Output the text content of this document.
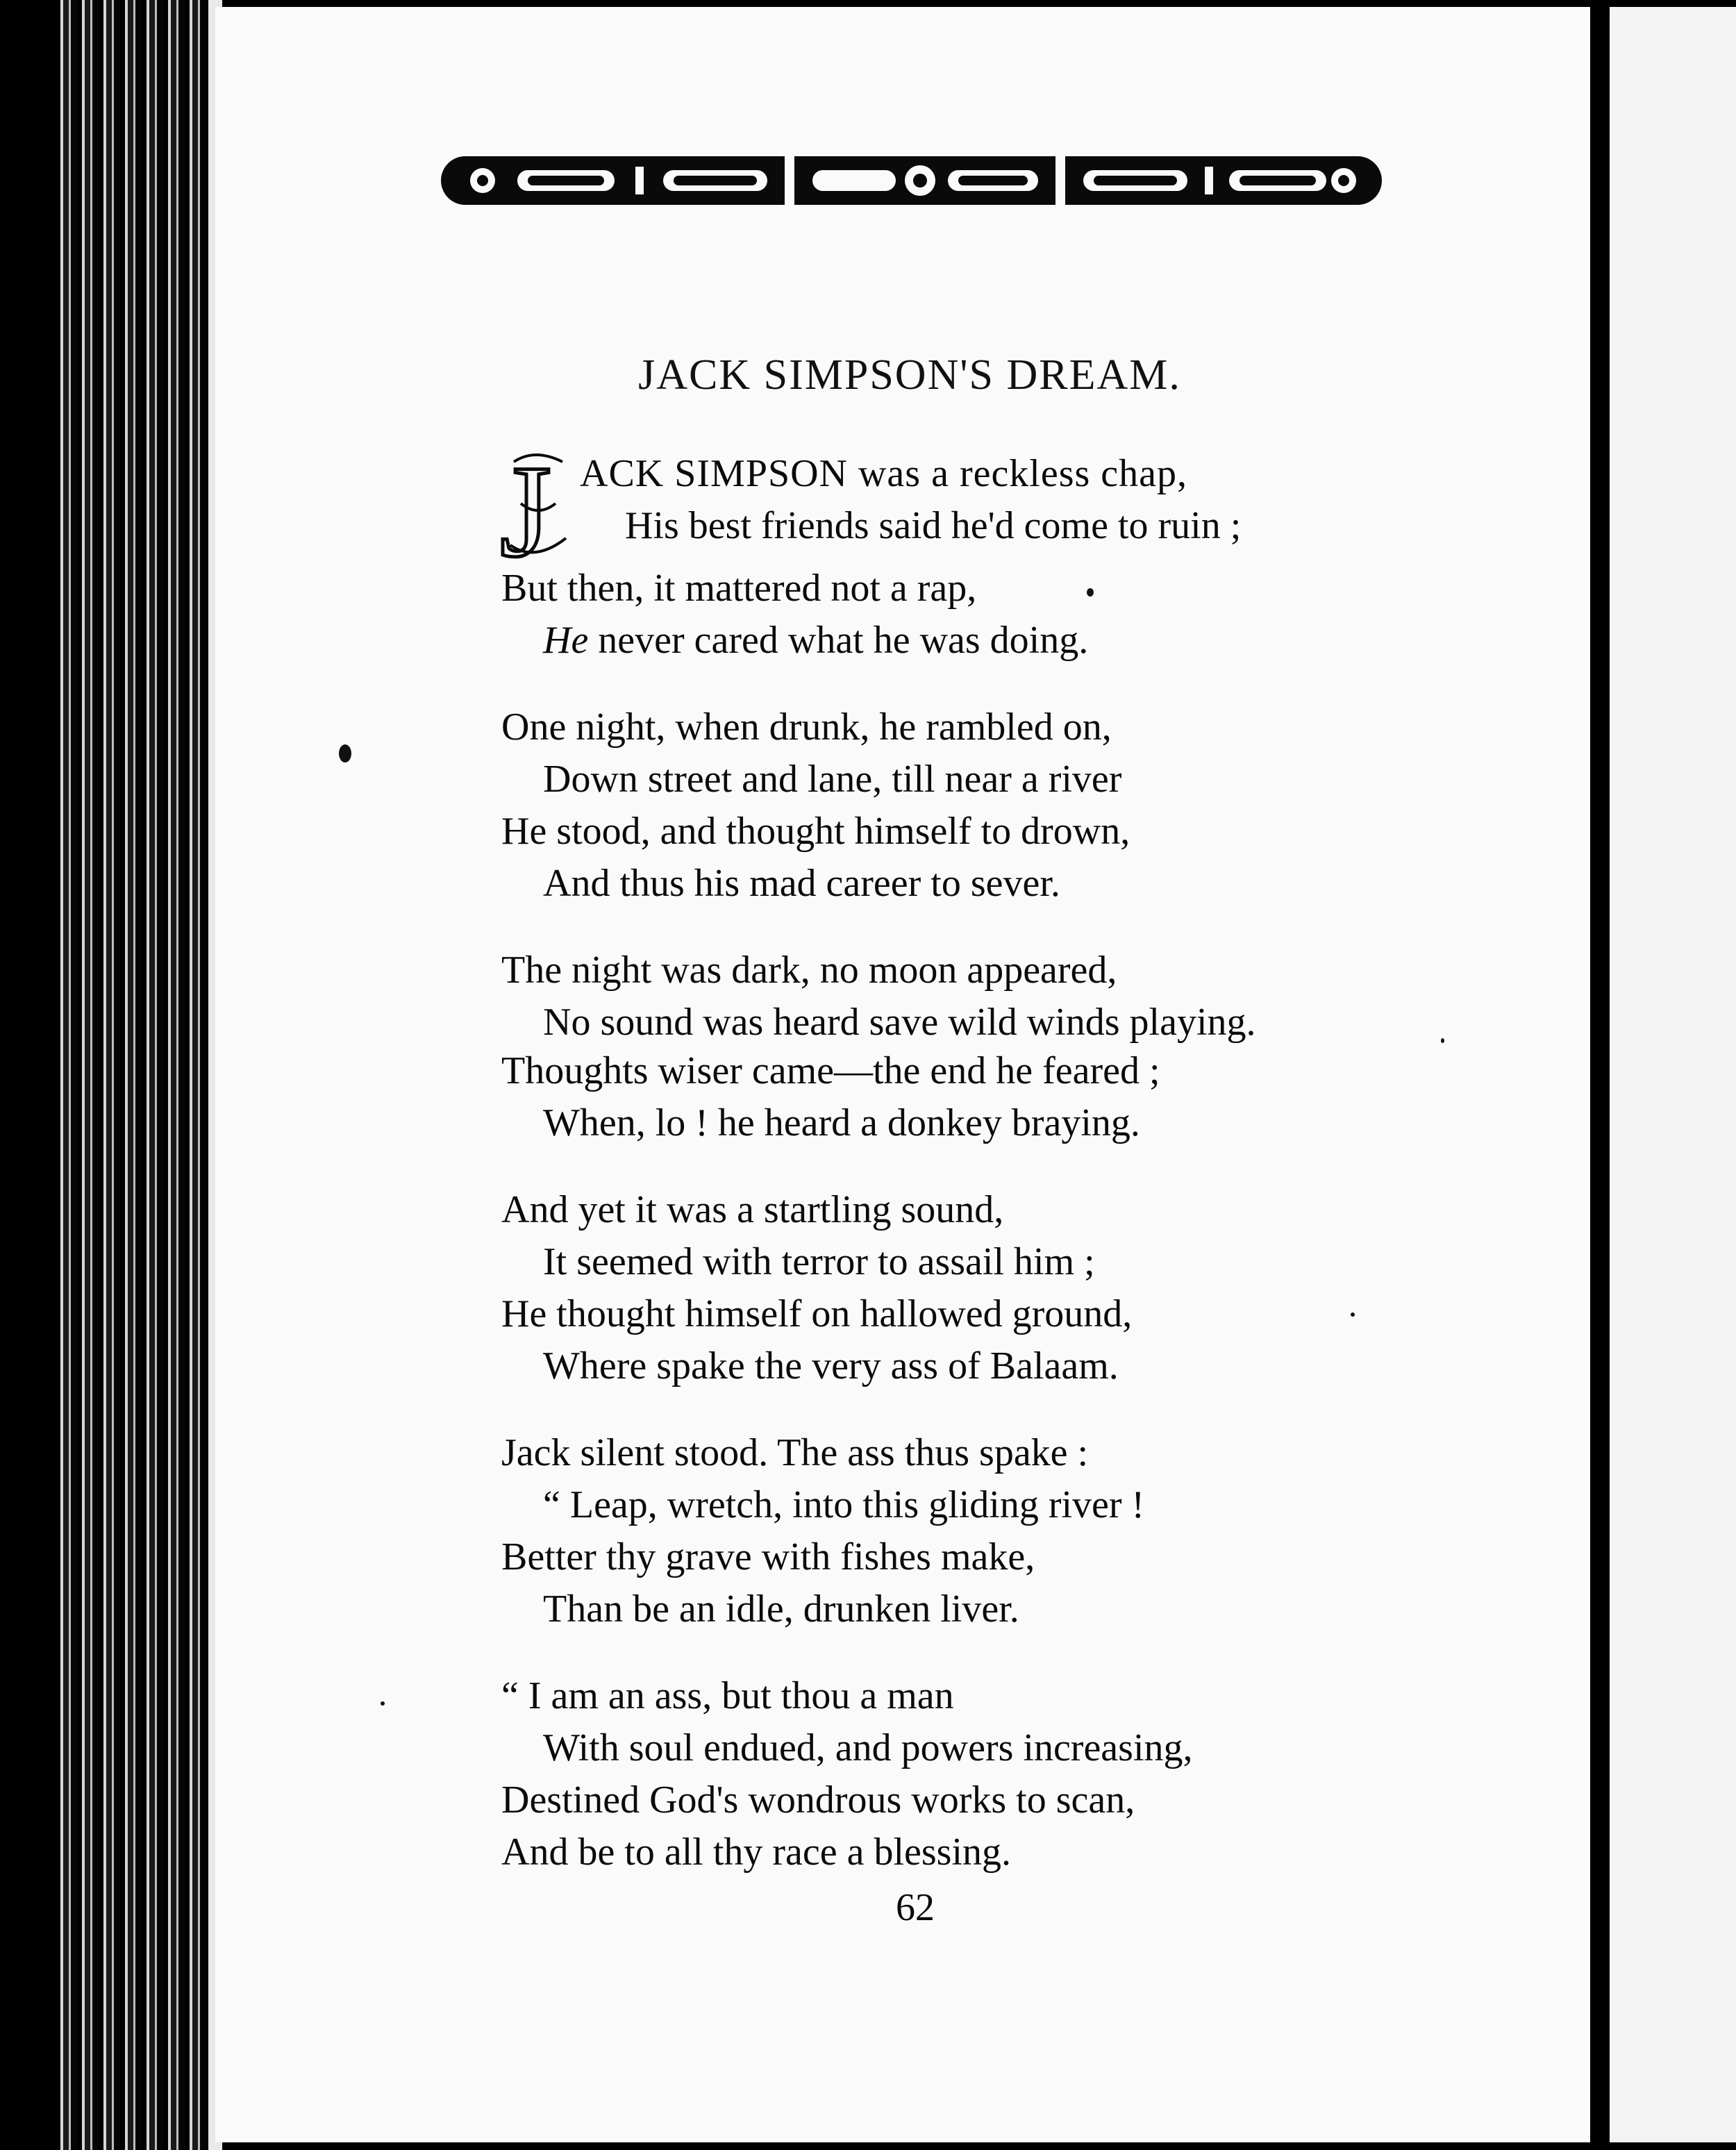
JACK SIMPSON'S DREAM.
J ACK SIMPSON was a reckless chap,
His best friends said he'd come to ruin ;
But then, it mattered not a rap,
He never cared what he was doing.
One night, when drunk, he rambled on,
Down street and lane, till near a river
He stood, and thought himself to drown,
And thus his mad career to sever.
The night was dark, no moon appeared,
No sound was heard save wild winds playing.
Thoughts wiser came—the end he feared ;
When, lo ! he heard a donkey braying.
And yet it was a startling sound,
It seemed with terror to assail him ;
He thought himself on hallowed ground,
Where spake the very ass of Balaam.
Jack silent stood. The ass thus spake :
“ Leap, wretch, into this gliding river !
Better thy grave with fishes make,
Than be an idle, drunken liver.
“ I am an ass, but thou a man
With soul endued, and powers increasing,
Destined God's wondrous works to scan,
And be to all thy race a blessing.
62
